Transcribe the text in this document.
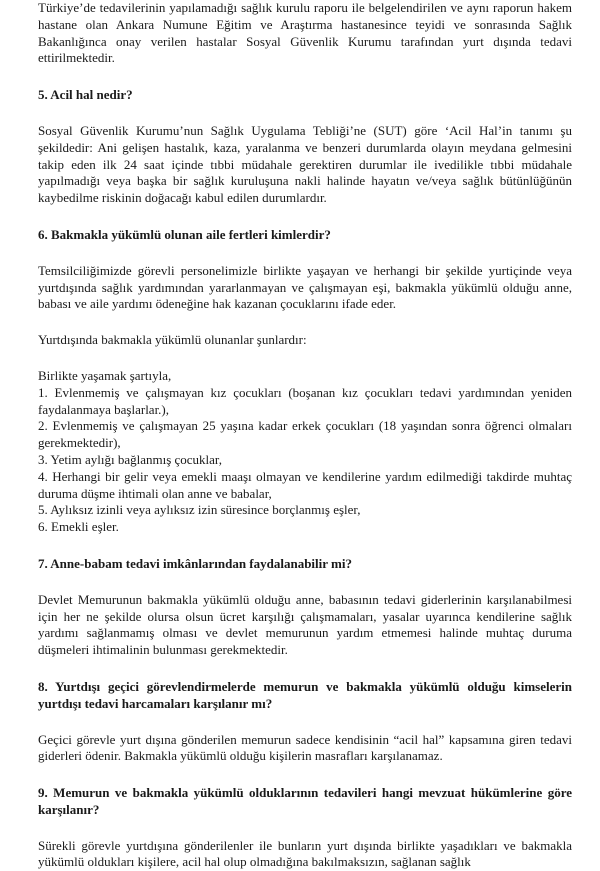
Türkiye’de tedavilerinin yapılamadığı sağlık kurulu raporu ile belgelendirilen ve aynı raporun hakem hastane olan Ankara Numune Eğitim ve Araştırma hastanesince teyidi ve sonrasında Sağlık Bakanlığınca onay verilen hastalar Sosyal Güvenlik Kurumu tarafından yurt dışında tedavi ettirilmektedir.

5. Acil hal nedir?

Sosyal Güvenlik Kurumu’nun Sağlık Uygulama Tebliği’ne (SUT) göre ‘Acil Hal’in tanımı şu şekildedir: Ani gelişen hastalık, kaza, yaralanma ve benzeri durumlarda olayın meydana gelmesini takip eden ilk 24 saat içinde tıbbi müdahale gerektiren durumlar ile ivedilikle tıbbi müdahale yapılmadığı veya başka bir sağlık kuruluşuna nakli halinde hayatın ve/veya sağlık bütünlüğünün kaybedilme riskinin doğacağı kabul edilen durumlardır.

6. Bakmakla yükümlü olunan aile fertleri kimlerdir?

Temsilciliğimizde görevli personelimizle birlikte yaşayan ve herhangi bir şekilde yurtiçinde veya yurtdışında sağlık yardımından yararlanmayan ve çalışmayan eşi, bakmakla yükümlü olduğu anne, babası ve aile yardımı ödeneğine hak kazanan çocuklarını ifade eder.

Yurtdışında bakmakla yükümlü olunanlar şunlardır:

Birlikte yaşamak şartıyla,

1. Evlenmemiş ve çalışmayan kız çocukları (boşanan kız çocukları tedavi yardımından yeniden faydalanmaya başlarlar.),
2. Evlenmemiş ve çalışmayan 25 yaşına kadar erkek çocukları (18 yaşından sonra öğrenci olmaları gerekmektedir),
3. Yetim aylığı bağlanmış çocuklar,
4. Herhangi bir gelir veya emekli maaşı olmayan ve kendilerine yardım edilmediği takdirde muhtaç duruma düşme ihtimali olan anne ve babalar,
5. Aylıksız izinli veya aylıksız izin süresince borçlanmış eşler,
6. Emekli eşler.

7. Anne-babam tedavi imkânlarından faydalanabilir mi?

Devlet Memurunun bakmakla yükümlü olduğu anne, babasının tedavi giderlerinin karşılanabilmesi için her ne şekilde olursa olsun ücret karşılığı çalışmamaları, yasalar uyarınca kendilerine sağlık yardımı sağlanmamış olması ve devlet memurunun yardım etmemesi halinde muhtaç duruma düşmeleri ihtimalinin bulunması gerekmektedir.

8. Yurtdışı geçici görevlendirmelerde memurun ve bakmakla yükümlü olduğu kimselerin yurtdışı tedavi harcamaları karşılanır mı?

Geçici görevle yurt dışına gönderilen memurun sadece kendisinin “acil hal” kapsamına giren tedavi giderleri ödenir. Bakmakla yükümlü olduğu kişilerin masrafları karşılanamaz.

9. Memurun ve bakmakla yükümlü olduklarının tedavileri hangi mevzuat hükümlerine göre karşılanır?

Sürekli görevle yurtdışına gönderilenler ile bunların yurt dışında birlikte yaşadıkları ve bakmakla yükümlü oldukları kişilere, acil hal olup olmadığına bakılmaksızın, sağlanan sağlık
